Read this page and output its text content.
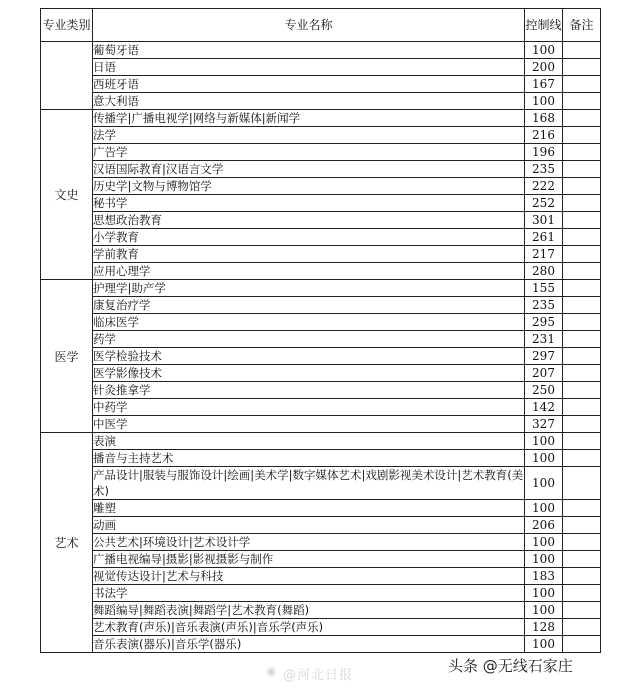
专业类别	专业名称	控制线	备注
	葡萄牙语	100	
	日语	200	
	西班牙语	167	
	意大利语	100	
文史	传播学|广播电视学|网络与新媒体|新闻学	168	
	法学	216	
	广告学	196	
	汉语国际教育|汉语言文学	235	
	历史学|文物与博物馆学	222	
	秘书学	252	
	思想政治教育	301	
	小学教育	261	
	学前教育	217	
	应用心理学	280	
医学	护理学|助产学	155	
	康复治疗学	235	
	临床医学	295	
	药学	231	
	医学检验技术	297	
	医学影像技术	207	
	针灸推拿学	250	
	中药学	142	
	中医学	327	
艺术	表演	100	
	播音与主持艺术	100	
	产品设计|服装与服饰设计|绘画|美术学|数字媒体艺术|戏剧影视美术设计|艺术教育(美术)	100	
	雕塑	100	
	动画	206	
	公共艺术|环境设计|艺术设计学	100	
	广播电视编导|摄影|影视摄影与制作	100	
	视觉传达设计|艺术与科技	183	
	书法学	100	
	舞蹈编导|舞蹈表演|舞蹈学|艺术教育(舞蹈)	100	
	艺术教育(声乐)|音乐表演(声乐)|音乐学(声乐)	128	
	音乐表演(器乐)|音乐学(器乐)	100	
◉ @河北日报
头条 @无线石家庄
